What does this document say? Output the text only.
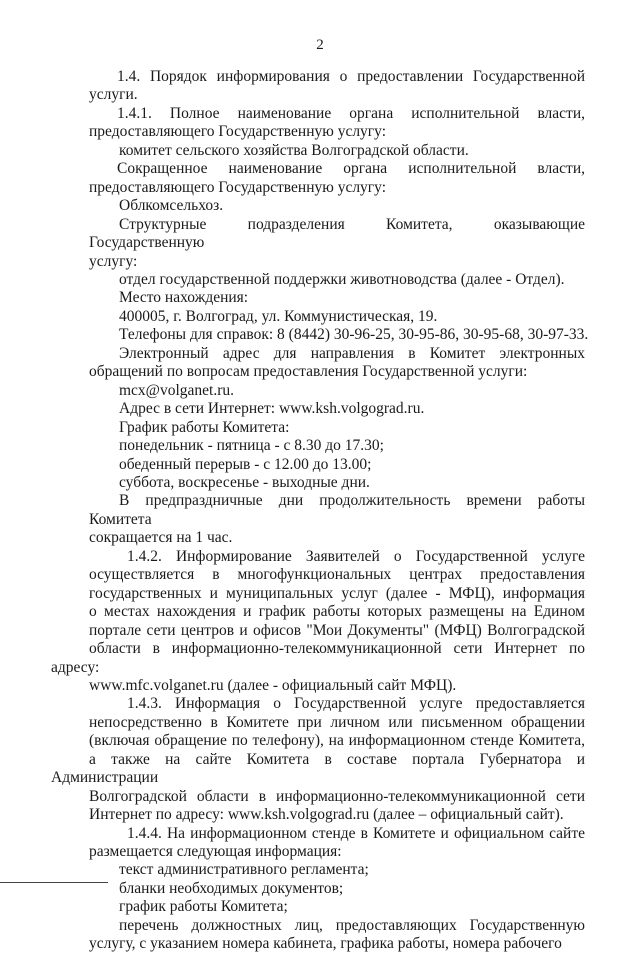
2

1.4. Порядок информирования о предоставлении Государственной
услуги.

1.4.1. Полное наименование органа исполнительной власти,
предоставляющего Государственную услугу:

комитет сельского хозяйства Волгоградской области.

Сокращенное наименование органа исполнительной власти,
предоставляющего Государственную услугу:

Облкомсельхоз.

Структурные подразделения Комитета, оказывающие Государственную
услугу:

отдел государственной поддержки животноводства (далее - Отдел).

Место нахождения:

400005, г. Волгоград, ул. Коммунистическая, 19.

Телефоны для справок: 8 (8442) 30-96-25, 30-95-86, 30-95-68, 30-97-33.

Электронный адрес для направления в Комитет электронных
обращений по вопросам предоставления Государственной услуги:

mcx@volganet.ru.

Адрес в сети Интернет: www.ksh.volgograd.ru.

График работы Комитета:

понедельник - пятница - с 8.30 до 17.30;

обеденный перерыв - с 12.00 до 13.00;

суббота, воскресенье - выходные дни.

В предпраздничные дни продолжительность времени работы Комитета
сокращается на 1 час.

1.4.2. Информирование Заявителей о Государственной услуге
осуществляется в многофункциональных центрах предоставления
государственных и муниципальных услуг (далее - МФЦ), информация
о местах нахождения и график работы которых размещены на Едином
портале сети центров и офисов "Мои Документы" (МФЦ) Волгоградской
области в информационно-телекоммуникационной сети Интернет по адресу:
www.mfc.volganet.ru (далее - официальный сайт МФЦ).

1.4.3. Информация о Государственной услуге предоставляется
непосредственно в Комитете при личном или письменном обращении
(включая обращение по телефону), на информационном стенде Комитета,
а также на сайте Комитета в составе портала Губернатора и Администрации
Волгоградской области в информационно-телекоммуникационной сети
Интернет по адресу: www.ksh.volgograd.ru (далее – официальный сайт).

1.4.4. На информационном стенде в Комитете и официальном сайте
размещается следующая информация:

текст административного регламента;

бланки необходимых документов;

график работы Комитета;

перечень должностных лиц, предоставляющих Государственную
услугу, с указанием номера кабинета, графика работы, номера рабочего
